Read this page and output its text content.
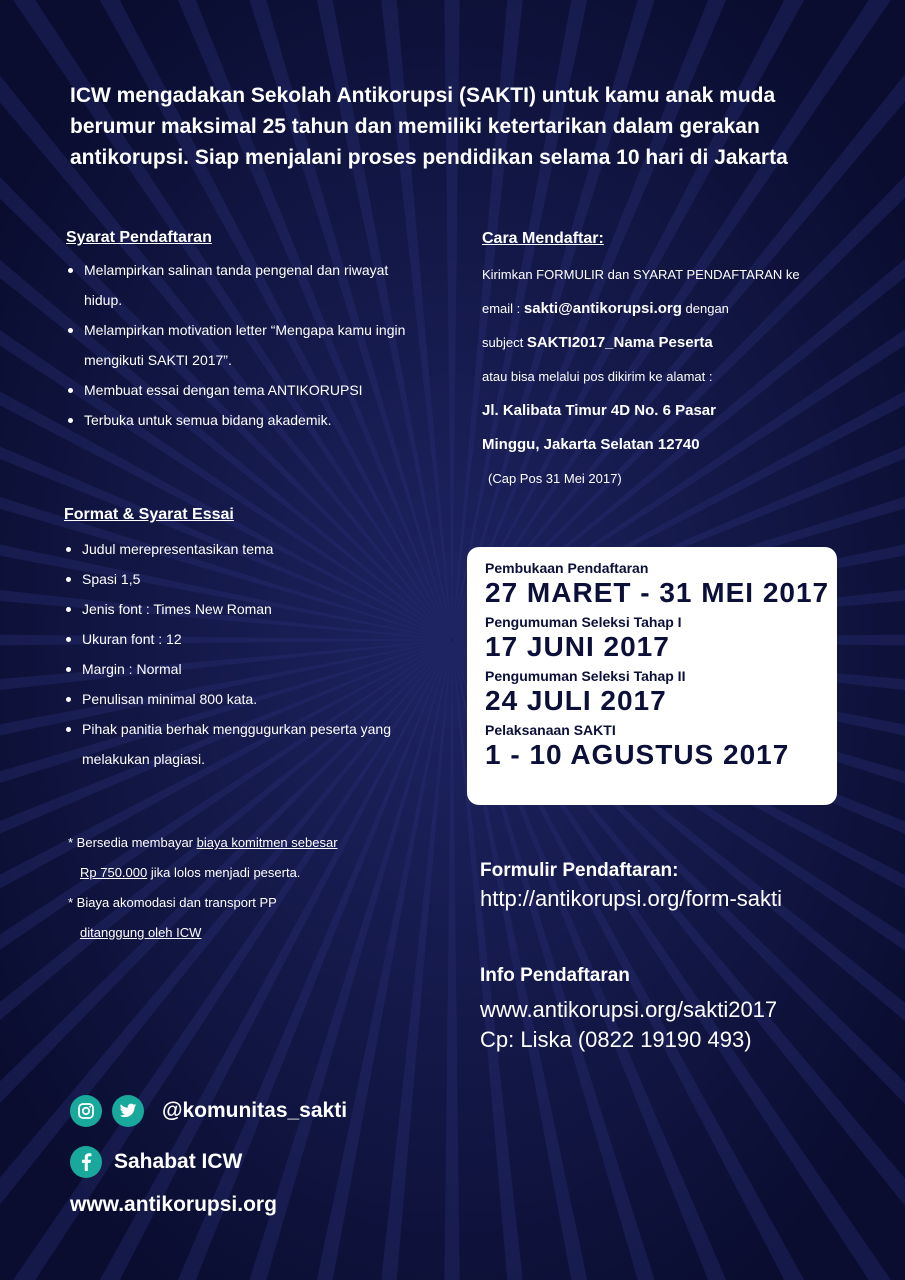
ICW mengadakan Sekolah Antikorupsi (SAKTI) untuk kamu anak muda
berumur maksimal 25 tahun dan memiliki ketertarikan dalam gerakan
antikorupsi. Siap menjalani proses pendidikan selama 10 hari di Jakarta
Syarat Pendaftaran
Melampirkan salinan tanda pengenal dan riwayat hidup.
Melampirkan motivation letter “Mengapa kamu ingin mengikuti SAKTI 2017”.
Membuat essai dengan tema ANTIKORUPSI
Terbuka untuk semua bidang akademik.
Cara Mendaftar:
Kirimkan FORMULIR dan SYARAT PENDAFTARAN ke
email : sakti@antikorupsi.org dengan
subject SAKTI2017_Nama Peserta
atau bisa melalui pos dikirim ke alamat :
Jl. Kalibata Timur 4D No. 6 Pasar
Minggu, Jakarta Selatan 12740
(Cap Pos 31 Mei 2017)
Format & Syarat Essai
Judul merepresentasikan tema
Spasi 1,5
Jenis font : Times New Roman
Ukuran font : 12
Margin : Normal
Penulisan minimal 800 kata.
Pihak panitia berhak menggugurkan peserta yang melakukan plagiasi.
Pembukaan Pendaftaran
27 MARET - 31 MEI 2017
Pengumuman Seleksi Tahap I
17 JUNI 2017
Pengumuman Seleksi Tahap II
24 JULI 2017
Pelaksanaan SAKTI
1 - 10 AGUSTUS 2017
* Bersedia membayar biaya komitmen sebesar
Rp 750.000 jika lolos menjadi peserta.
* Biaya akomodasi dan transport PP
ditanggung oleh ICW
Formulir Pendaftaran:
http://antikorupsi.org/form-sakti
Info Pendaftaran
www.antikorupsi.org/sakti2017
Cp: Liska (0822 19190 493)
@komunitas_sakti
Sahabat ICW
www.antikorupsi.org
